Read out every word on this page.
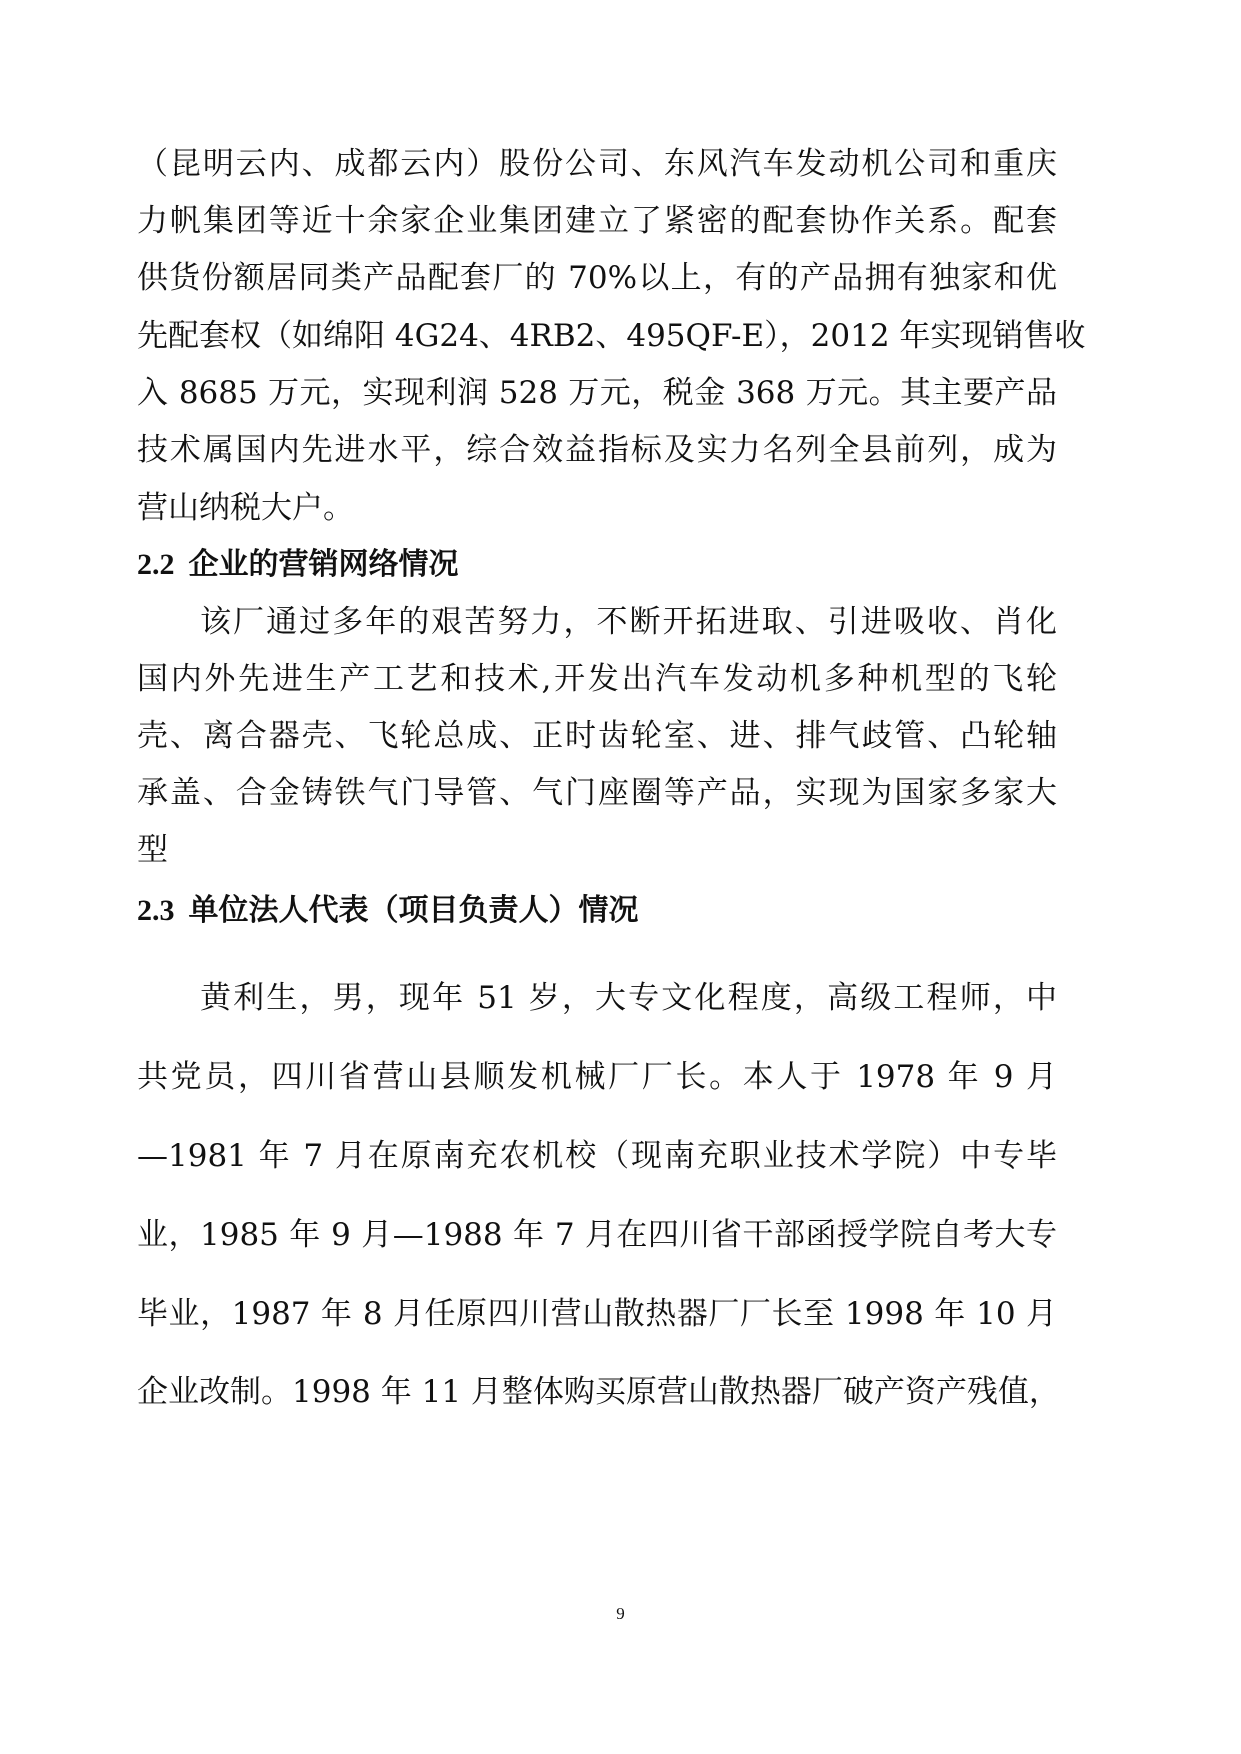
（昆明云内、成都云内）股份公司、东风汽车发动机公司和重庆
力帆集团等近十余家企业集团建立了紧密的配套协作关系。配套
供货份额居同类产品配套厂的 70%以上，有的产品拥有独家和优
先配套权（如绵阳 4G24、4RB2、495QF-E），2012 年实现销售收
入 8685 万元，实现利润 528 万元，税金 368 万元。其主要产品
技术属国内先进水平，综合效益指标及实力名列全县前列，成为
营山纳税大户。
2.2 企业的营销网络情况
该厂通过多年的艰苦努力，不断开拓进取、引进吸收、肖化
国内外先进生产工艺和技术,开发出汽车发动机多种机型的飞轮
壳、离合器壳、飞轮总成、正时齿轮室、进、排气歧管、凸轮轴
承盖、合金铸铁气门导管、气门座圈等产品，实现为国家多家大
型
2.3 单位法人代表（项目负责人）情况
黄利生，男，现年 51 岁，大专文化程度，高级工程师，中
共党员，四川省营山县顺发机械厂厂长。本人于 1978 年 9 月
—1981 年 7 月在原南充农机校（现南充职业技术学院）中专毕
业，1985 年 9 月—1988 年 7 月在四川省干部函授学院自考大专
毕业，1987 年 8 月任原四川营山散热器厂厂长至 1998 年 10 月
企业改制。1998 年 11 月整体购买原营山散热器厂破产资产残值，
9
